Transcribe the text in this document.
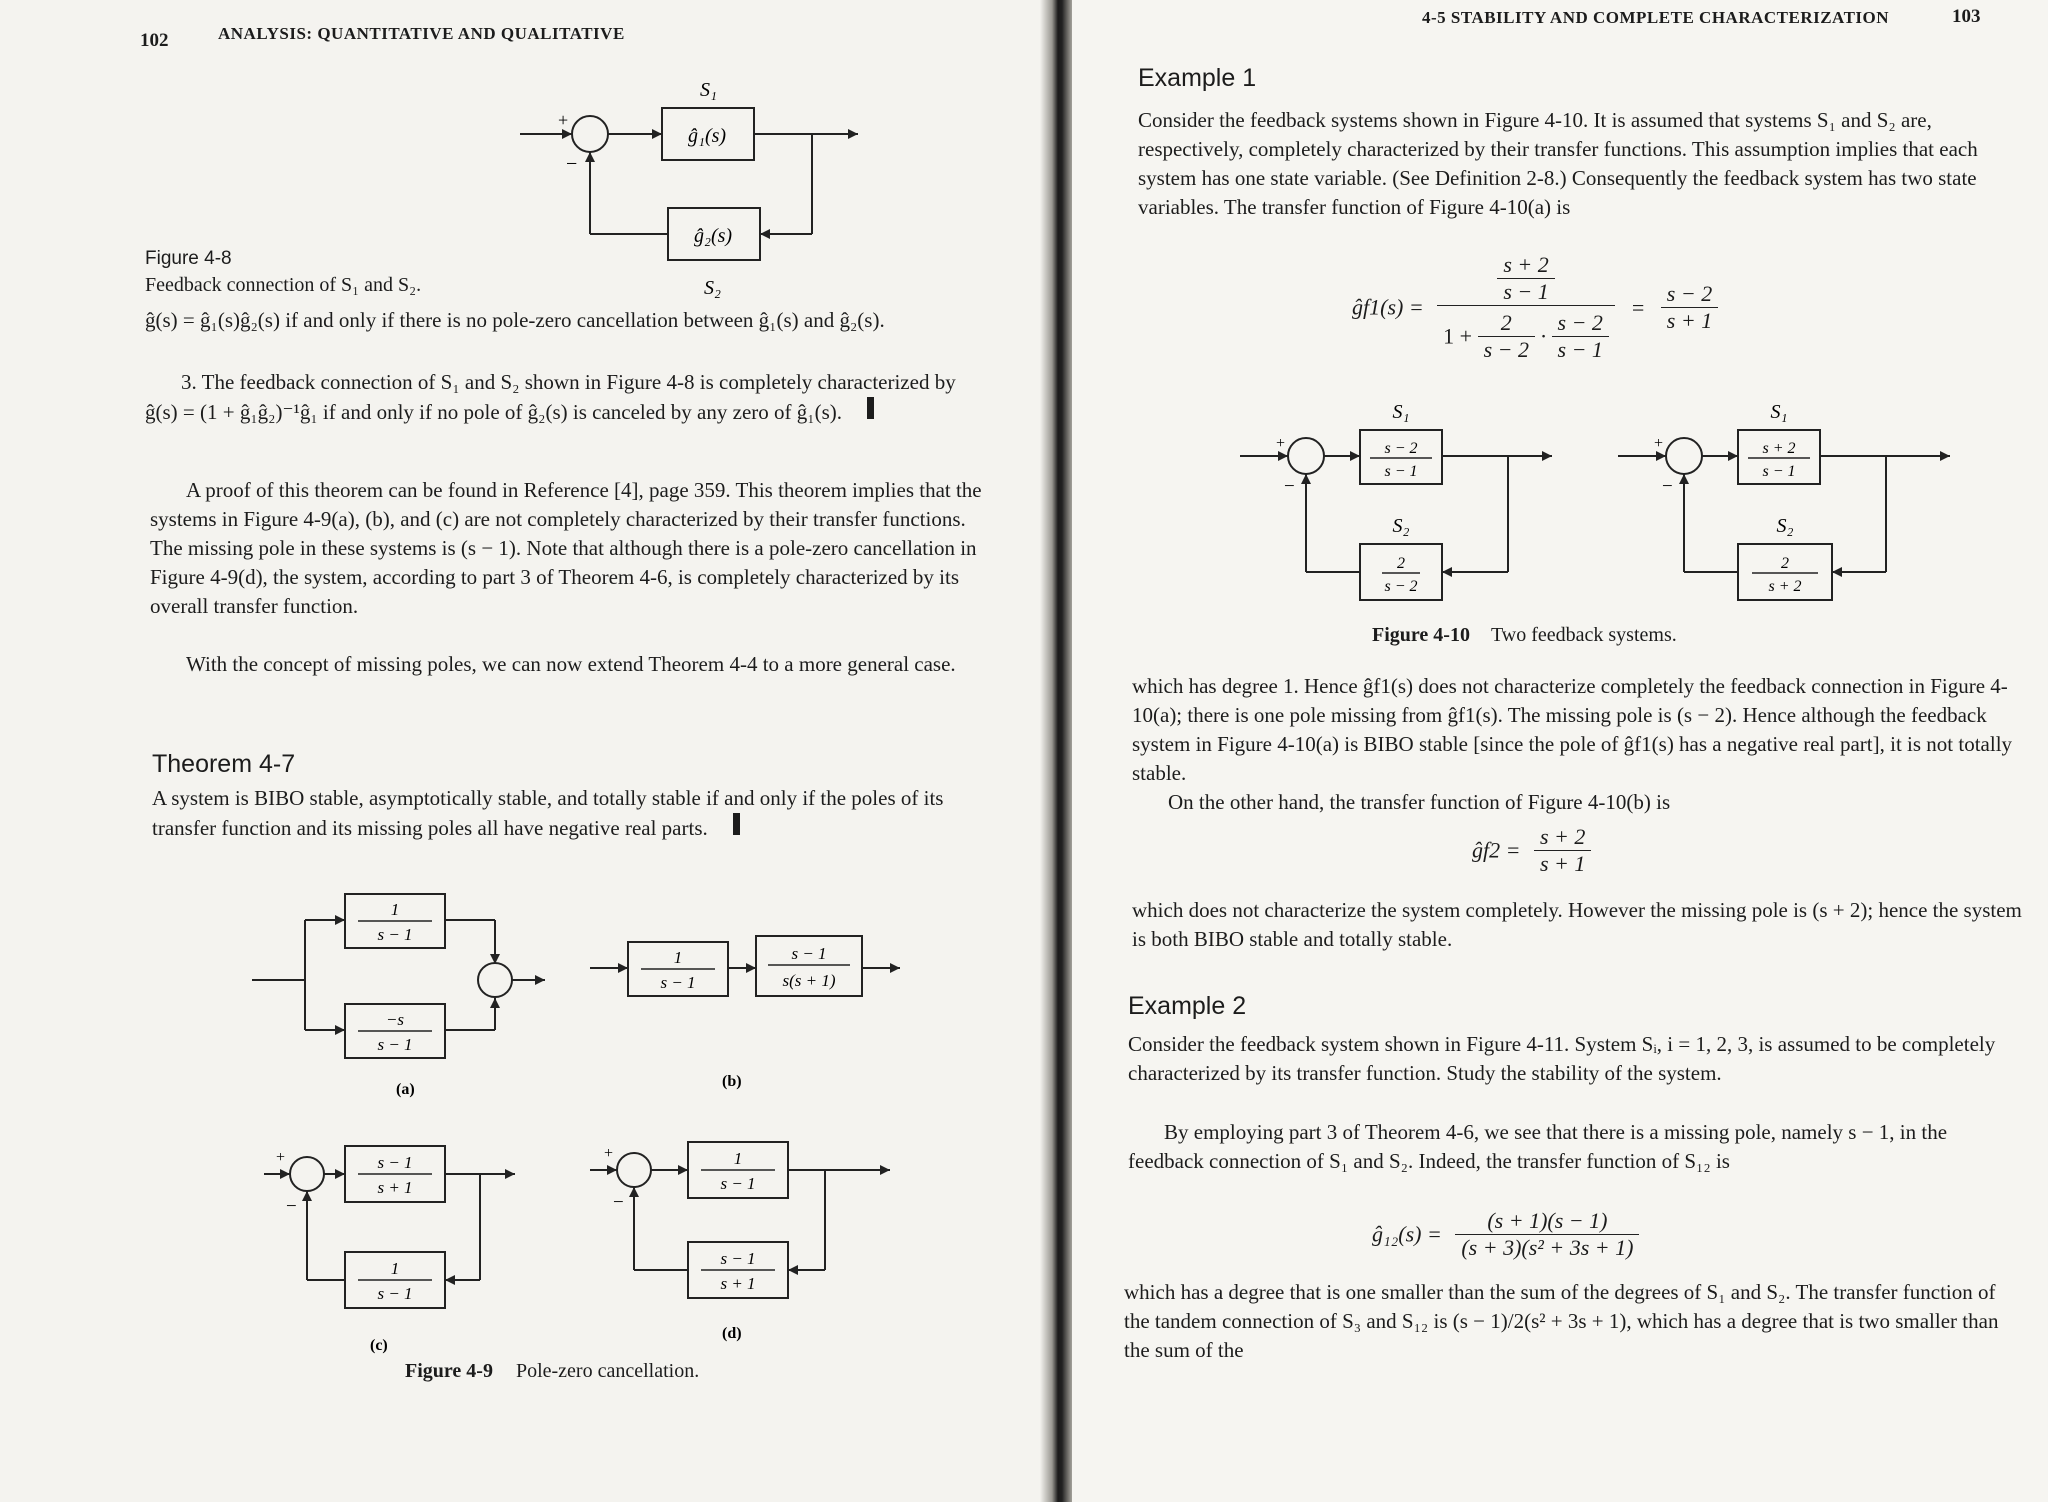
102	ANALYSIS: QUANTITATIVE AND QUALITATIVE
+
−
S₁
ĝ₁(s)
ĝ₂(s)
S₂
Figure 4-8
Feedback connection of S₁ and S₂.
ĝ(s) = ĝ₁(s)ĝ₂(s) if and only if there is no pole-zero cancellation between ĝ₁(s) and ĝ₂(s).
3. The feedback connection of S₁ and S₂ shown in Figure 4-8 is completely characterized by ĝ(s) = (1 + ĝ₁ĝ₂)⁻¹ĝ₁ if and only if no pole of ĝ₂(s) is canceled by any zero of ĝ₁(s).
A proof of this theorem can be found in Reference [4], page 359. This theorem implies that the systems in Figure 4-9(a), (b), and (c) are not completely characterized by their transfer functions. The missing pole in these systems is (s − 1). Note that although there is a pole-zero cancellation in Figure 4-9(d), the system, according to part 3 of Theorem 4-6, is completely characterized by its overall transfer function.
With the concept of missing poles, we can now extend Theorem 4-4 to a more general case.
Theorem 4-7
A system is BIBO stable, asymptotically stable, and totally stable if and only if the poles of its transfer function and its missing poles all have negative real parts.
1
s − 1
−s
s − 1
1
s − 1
s − 1
s(s + 1)
s − 1
s + 1
1
s − 1
1
s − 1
s − 1
s + 1
+
−
+
−
(a)	(b)
(c)
(d)
Figure 4-9 Pole-zero cancellation.
4-5 STABILITY AND COMPLETE CHARACTERIZATION	103
Example 1
Consider the feedback systems shown in Figure 4-10. It is assumed that systems S₁ and S₂ are, respectively, completely characterized by their transfer functions. This assumption implies that each system has one state variable. (See Definition 2-8.) Consequently the feedback system has two state variables. The transfer function of Figure 4-10(a) is
ĝf1(s) =
$\frac{s + 2}{s - 1}$
$1 + \frac{2}{s - 2} \cdot \frac{s - 2}{s - 1}$
= $\frac{s - 2}{s + 1}$
S₁
s − 2
s − 1
S₂
2
s − 2
S₁
s + 2
s − 1
S₂
2
s + 2
+
−
+
−
Figure 4-10 Two feedback systems.
which has degree 1. Hence ĝf1(s) does not characterize completely the feedback connection in Figure 4-10(a); there is one pole missing from ĝf1(s). The missing pole is (s − 2). Hence although the feedback system in Figure 4-10(a) is BIBO stable [since the pole of ĝf1(s) has a negative real part], it is not totally stable.
On the other hand, the transfer function of Figure 4-10(b) is
ĝf2 = $\frac{s + 2}{s + 1}$
which does not characterize the system completely. However the missing pole is (s + 2); hence the system is both BIBO stable and totally stable.
Example 2
Consider the feedback system shown in Figure 4-11. System Sᵢ, i = 1, 2, 3, is assumed to be completely characterized by its transfer function. Study the stability of the system.
By employing part 3 of Theorem 4-6, we see that there is a missing pole, namely s − 1, in the feedback connection of S₁ and S₂. Indeed, the transfer function of S₁₂ is
ĝ₁₂(s) = $\frac{(s + 1)(s - 1)}{\text{(s + 3)(s² + 3s + 1)}}$
which has a degree that is one smaller than the sum of the degrees of S₁ and S₂. The transfer function of the tandem connection of S₃ and S₁₂ is (s − 1)/2(s² + 3s + 1), which has a degree that is two smaller than the sum of the
